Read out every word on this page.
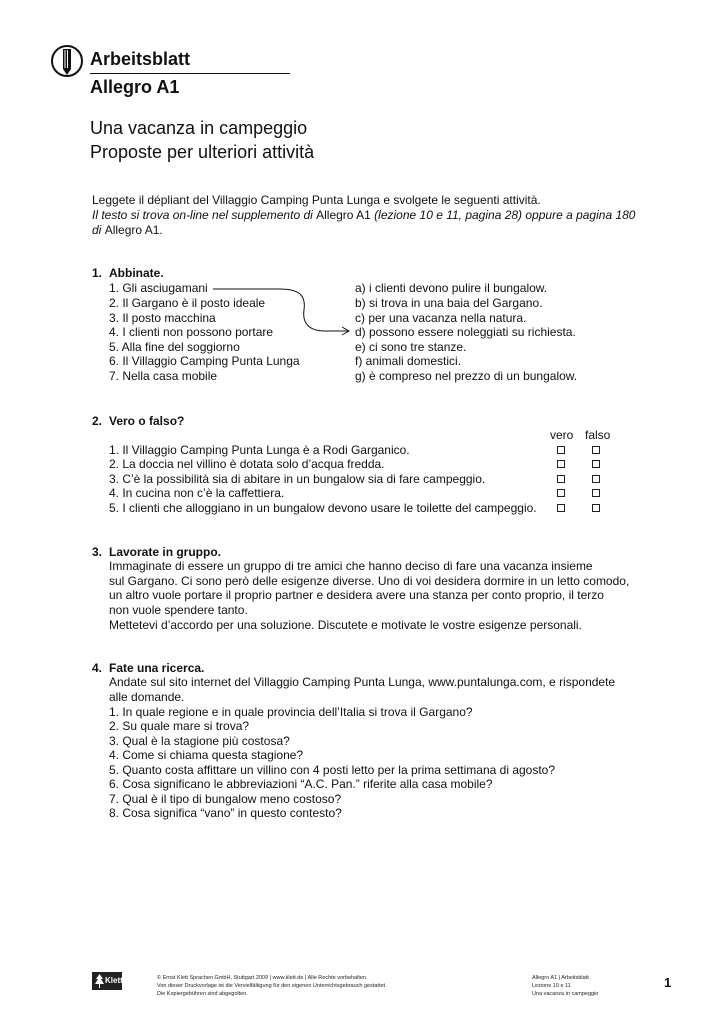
Arbeitsblatt
Allegro A1
Una vacanza in campeggio
Proposte per ulteriori attività
Leggete il dépliant del Villaggio Camping Punta Lunga e svolgete le seguenti attività.
Il testo si trova on-line nel supplemento di Allegro A1 (lezione 10 e 11, pagina 28) oppure a pagina 180
di Allegro A1.
1. Abbinate.
1. Gli asciugamani
2. Il Gargano è il posto ideale
3. Il posto macchina
4. I clienti non possono portare
5. Alla fine del soggiorno
6. Il Villaggio Camping Punta Lunga
7. Nella casa mobile
a) i clienti devono pulire il bungalow.
b) si trova in una baia del Gargano.
c) per una vacanza nella natura.
d) possono essere noleggiati su richiesta.
e) ci sono tre stanze.
f) animali domestici.
g) è compreso nel prezzo di un bungalow.
2. Vero o falso?
vero falso
1. Il Villaggio Camping Punta Lunga è a Rodi Garganico.
2. La doccia nel villino è dotata solo d’acqua fredda.
3. C’è la possibilità sia di abitare in un bungalow sia di fare campeggio.
4. In cucina non c’è la caffettiera.
5. I clienti che alloggiano in un bungalow devono usare le toilette del campeggio.
3. Lavorate in gruppo.
Immaginate di essere un gruppo di tre amici che hanno deciso di fare una vacanza insieme
sul Gargano. Ci sono però delle esigenze diverse. Uno di voi desidera dormire in un letto comodo,
un altro vuole portare il proprio partner e desidera avere una stanza per conto proprio, il terzo
non vuole spendere tanto.
Mettetevi d’accordo per una soluzione. Discutete e motivate le vostre esigenze personali.
4. Fate una ricerca.
Andate sul sito internet del Villaggio Camping Punta Lunga, www.puntalunga.com, e rispondete
alle domande.
1. In quale regione e in quale provincia dell’Italia si trova il Gargano?
2. Su quale mare si trova?
3. Qual è la stagione più costosa?
4. Come si chiama questa stagione?
5. Quanto costa affittare un villino con 4 posti letto per la prima settimana di agosto?
6. Cosa significano le abbreviazioni “A.C. Pan.” riferite alla casa mobile?
7. Qual è il tipo di bungalow meno costoso?
8. Cosa significa “vano” in questo contesto?
Klett	© Ernst Klett Sprachen GmbH, Stuttgart 2009 | www.klett.de | Alle Rechte vorbehalten.
Von dieser Druckvorlage ist die Vervielfältigung für den eigenen Unterrichtsgebrauch gestattet.
Die Kopiergebühren sind abgegolten.
Allegro A1 | Arbeitsblatt
Lezione 10 e 11
Una vacanza in campeggio
1
